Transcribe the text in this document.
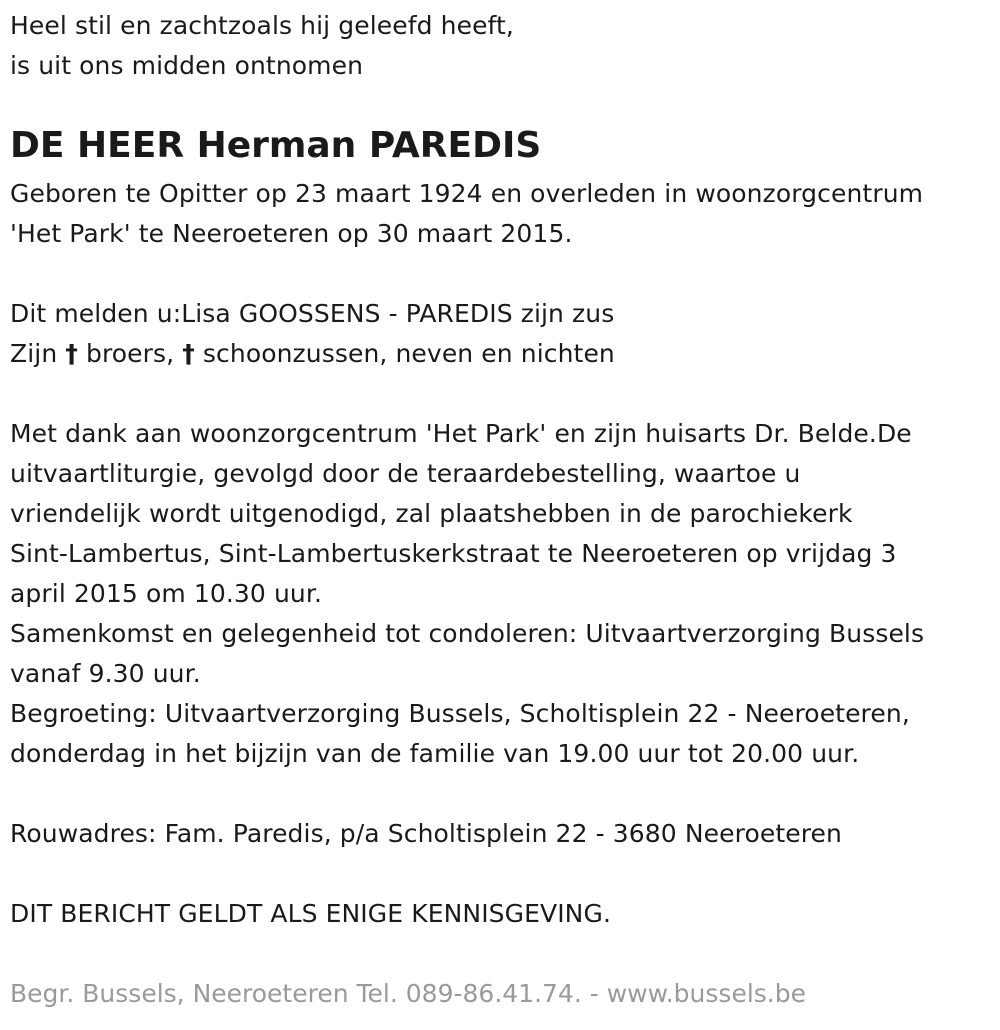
Heel stil en zachtzoals hij geleefd heeft,
is uit ons midden ontnomen
DE HEER Herman PAREDIS
Geboren te Opitter op 23 maart 1924 en overleden in woonzorgcentrum
'Het Park' te Neeroeteren op 30 maart 2015.
Dit melden u:Lisa GOOSSENS - PAREDIS zijn zus
Zijn † broers, † schoonzussen, neven en nichten
Met dank aan woonzorgcentrum 'Het Park' en zijn huisarts Dr. Belde.De
uitvaartliturgie, gevolgd door de teraardebestelling, waartoe u
vriendelijk wordt uitgenodigd, zal plaatshebben in de parochiekerk
Sint-Lambertus, Sint-Lambertuskerkstraat te Neeroeteren op vrijdag 3
april 2015 om 10.30 uur.
Samenkomst en gelegenheid tot condoleren: Uitvaartverzorging Bussels
vanaf 9.30 uur.
Begroeting: Uitvaartverzorging Bussels, Scholtisplein 22 - Neeroeteren,
donderdag in het bijzijn van de familie van 19.00 uur tot 20.00 uur.
Rouwadres: Fam. Paredis, p/a Scholtisplein 22 - 3680 Neeroeteren
DIT BERICHT GELDT ALS ENIGE KENNISGEVING.
Begr. Bussels, Neeroeteren Tel. 089-86.41.74. - www.bussels.be
